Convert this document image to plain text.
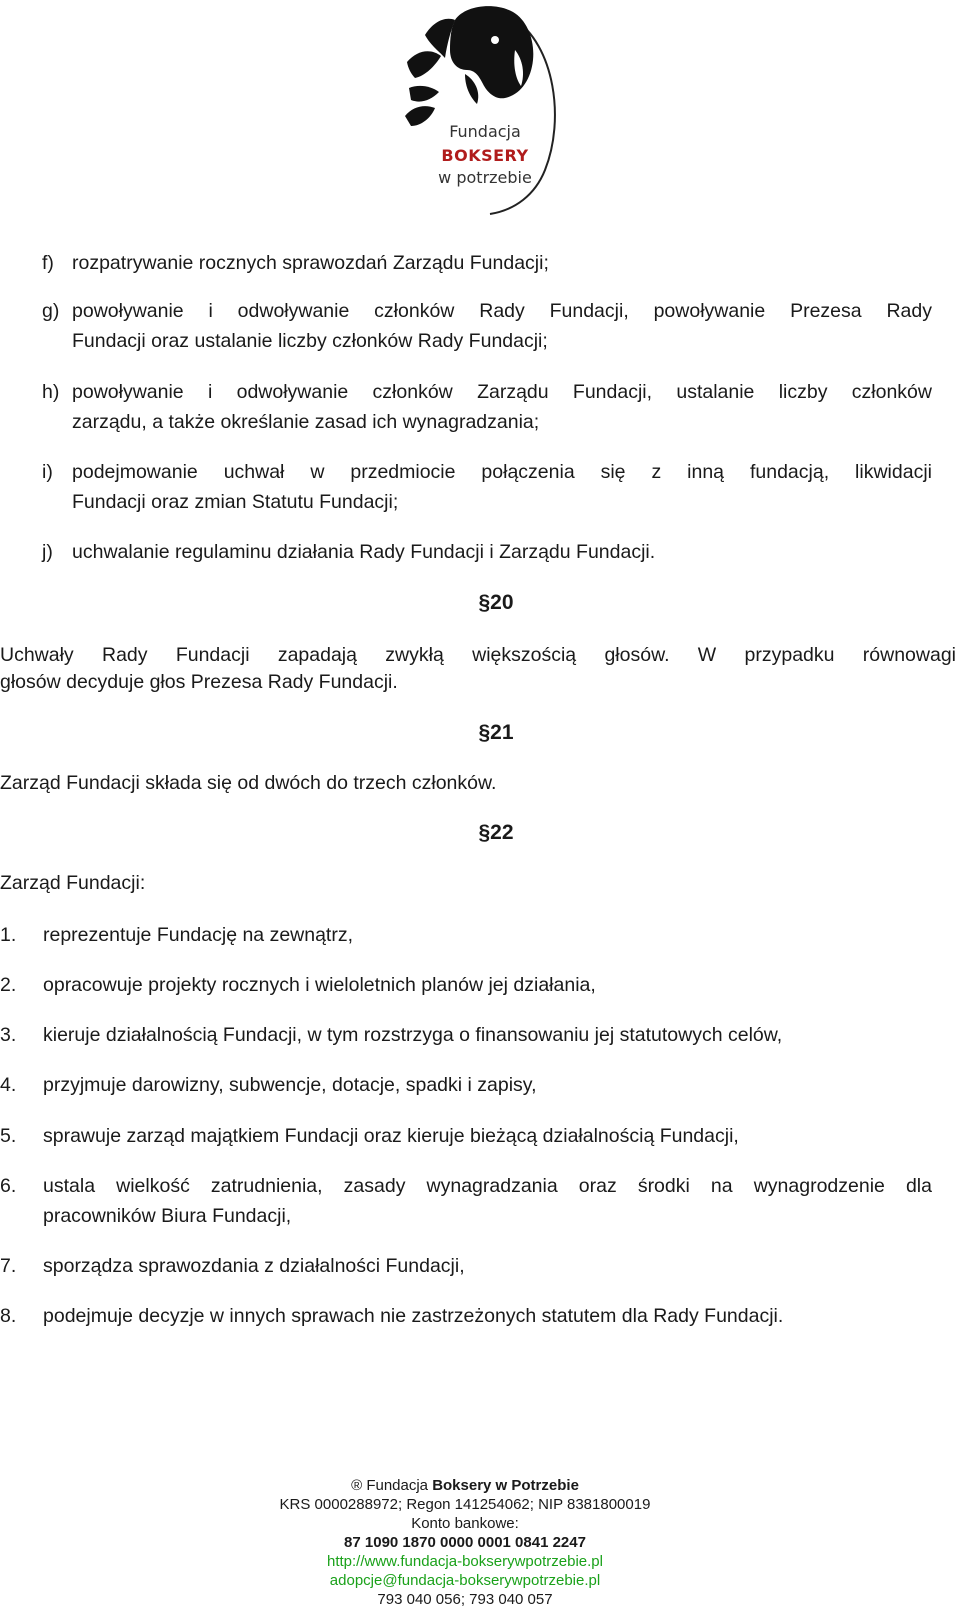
Fundacja
BOKSERY
w potrzebie
f) rozpatrywanie rocznych sprawozdań Zarządu Fundacji;
g) powoływanie i odwoływanie członków Rady Fundacji, powoływanie Prezesa Rady
Fundacji oraz ustalanie liczby członków Rady Fundacji;
h) powoływanie i odwoływanie członków Zarządu Fundacji, ustalanie liczby członków
zarządu, a także określanie zasad ich wynagradzania;
i) podejmowanie uchwał w przedmiocie połączenia się z inną fundacją, likwidacji
Fundacji oraz zmian Statutu Fundacji;
j) uchwalanie regulaminu działania Rady Fundacji i Zarządu Fundacji.
§20
Uchwały Rady Fundacji zapadają zwykłą większością głosów. W przypadku równowagi
głosów decyduje głos Prezesa Rady Fundacji.
§21
Zarząd Fundacji składa się od dwóch do trzech członków.
§22
Zarząd Fundacji:
1. reprezentuje Fundację na zewnątrz,
2. opracowuje projekty rocznych i wieloletnich planów jej działania,
3. kieruje działalnością Fundacji, w tym rozstrzyga o finansowaniu jej statutowych celów,
4. przyjmuje darowizny, subwencje, dotacje, spadki i zapisy,
5. sprawuje zarząd majątkiem Fundacji oraz kieruje bieżącą działalnością Fundacji,
6. ustala wielkość zatrudnienia, zasady wynagradzania oraz środki na wynagrodzenie dla
pracowników Biura Fundacji,
7. sporządza sprawozdania z działalności Fundacji,
8. podejmuje decyzje w innych sprawach nie zastrzeżonych statutem dla Rady Fundacji.
® Fundacja Boksery w Potrzebie
KRS 0000288972; Regon 141254062; NIP 8381800019
Konto bankowe:
87 1090 1870 0000 0001 0841 2247
http://www.fundacja-bokserywpotrzebie.pl
adopcje@fundacja-bokserywpotrzebie.pl
793 040 056; 793 040 057
